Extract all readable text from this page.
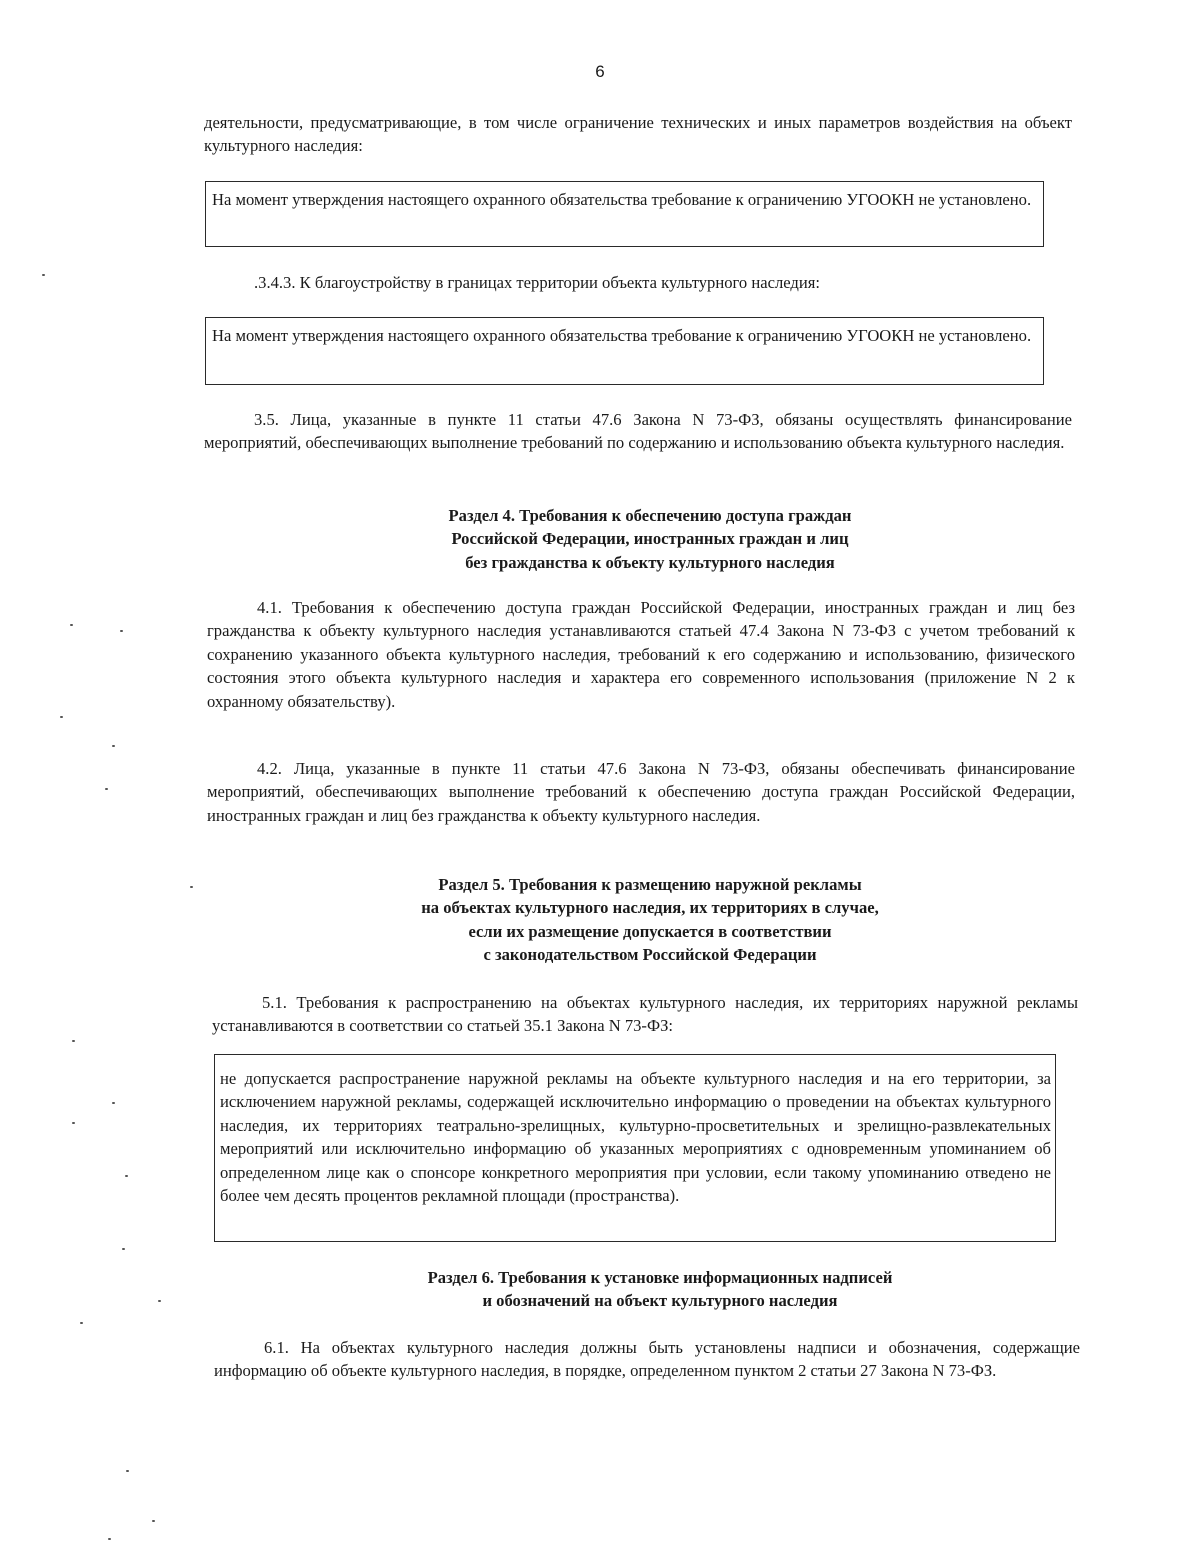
6
деятельности, предусматривающие, в том числе ограничение технических и иных параметров воздействия на объект культурного наследия:
На момент утверждения настоящего охранного обязательства требование к ограничению УГООКН не установлено.
.3.4.3. К благоустройству в границах территории объекта культурного наследия:
На момент утверждения настоящего охранного обязательства требование к ограничению УГООКН не установлено.
3.5. Лица, указанные в пункте 11 статьи 47.6 Закона N 73-ФЗ, обязаны осуществлять финансирование мероприятий, обеспечивающих выполнение требований по содержанию и использованию объекта культурного наследия.
Раздел 4. Требования к обеспечению доступа граждан
Российской Федерации, иностранных граждан и лиц
без гражданства к объекту культурного наследия
4.1. Требования к обеспечению доступа граждан Российской Федерации, иностранных граждан и лиц без гражданства к объекту культурного наследия устанавливаются статьей 47.4 Закона N 73-ФЗ с учетом требований к сохранению указанного объекта культурного наследия, требований к его содержанию и использованию, физического состояния этого объекта культурного наследия и характера его современного использования (приложение N 2 к охранному обязательству).
4.2. Лица, указанные в пункте 11 статьи 47.6 Закона N 73-ФЗ, обязаны обеспечивать финансирование мероприятий, обеспечивающих выполнение требований к обеспечению доступа граждан Российской Федерации, иностранных граждан и лиц без гражданства к объекту культурного наследия.
Раздел 5. Требования к размещению наружной рекламы
на объектах культурного наследия, их территориях в случае,
если их размещение допускается в соответствии
с законодательством Российской Федерации
5.1. Требования к распространению на объектах культурного наследия, их территориях наружной рекламы устанавливаются в соответствии со статьей 35.1 Закона N 73-ФЗ:
не допускается распространение наружной рекламы на объекте культурного наследия и на его территории, за исключением наружной рекламы, содержащей исключительно информацию о проведении на объектах культурного наследия, их территориях театрально-зрелищных, культурно-просветительных и зрелищно-развлекательных мероприятий или исключительно информацию об указанных мероприятиях с одновременным упоминанием об определенном лице как о спонсоре конкретного мероприятия при условии, если такому упоминанию отведено не более чем десять процентов рекламной площади (пространства).
Раздел 6. Требования к установке информационных надписей
и обозначений на объект культурного наследия
6.1. На объектах культурного наследия должны быть установлены надписи и обозначения, содержащие информацию об объекте культурного наследия, в порядке, определенном пунктом 2 статьи 27 Закона N 73-ФЗ.
